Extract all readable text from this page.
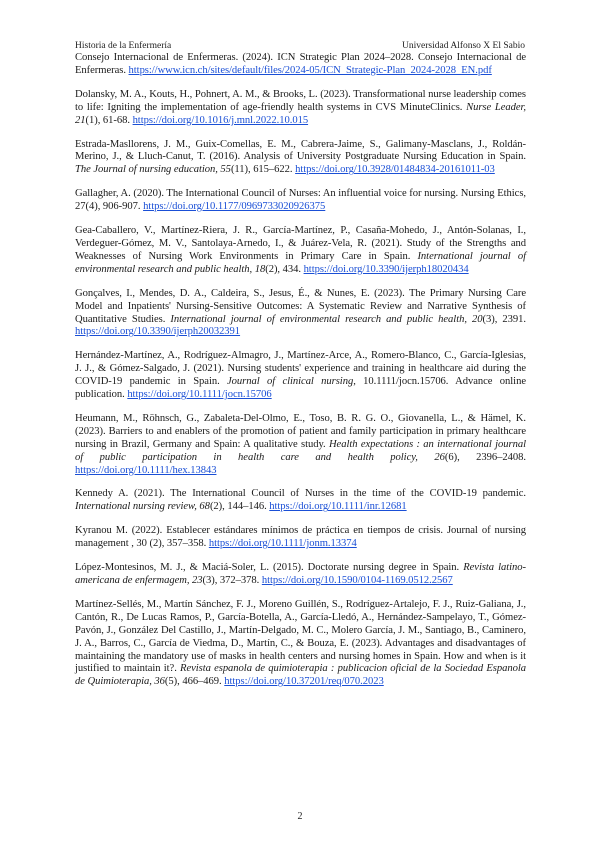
Historia de la Enfermería	Universidad Alfonso X El Sabio

Consejo Internacional de Enfermeras. (2024). ICN Strategic Plan 2024–2028. Consejo Internacional de Enfermeras. https://www.icn.ch/sites/default/files/2024-05/ICN_Strategic-Plan_2024-2028_EN.pdf

Dolansky, M. A., Kouts, H., Pohnert, A. M., & Brooks, L. (2023). Transformational nurse leadership comes to life: Igniting the implementation of age-friendly health systems in CVS MinuteClinics. Nurse Leader, 21(1), 61-68. https://doi.org/10.1016/j.mnl.2022.10.015

Estrada-Masllorens, J. M., Guix-Comellas, E. M., Cabrera-Jaime, S., Galimany-Masclans, J., Roldán-Merino, J., & Lluch-Canut, T. (2016). Analysis of University Postgraduate Nursing Education in Spain. The Journal of nursing education, 55(11), 615–622. https://doi.org/10.3928/01484834-20161011-03

Gallagher, A. (2020). The International Council of Nurses: An influential voice for nursing. Nursing Ethics, 27(4), 906-907. https://doi.org/10.1177/0969733020926375

Gea-Caballero, V., Martínez-Riera, J. R., García-Martínez, P., Casaña-Mohedo, J., Antón-Solanas, I., Verdeguer-Gómez, M. V., Santolaya-Arnedo, I., & Juárez-Vela, R. (2021). Study of the Strengths and Weaknesses of Nursing Work Environments in Primary Care in Spain. International journal of environmental research and public health, 18(2), 434. https://doi.org/10.3390/ijerph18020434

Gonçalves, I., Mendes, D. A., Caldeira, S., Jesus, É., & Nunes, E. (2023). The Primary Nursing Care Model and Inpatients' Nursing-Sensitive Outcomes: A Systematic Review and Narrative Synthesis of Quantitative Studies. International journal of environmental research and public health, 20(3), 2391. https://doi.org/10.3390/ijerph20032391

Hernández-Martínez, A., Rodríguez-Almagro, J., Martínez-Arce, A., Romero-Blanco, C., García-Iglesias, J. J., & Gómez-Salgado, J. (2021). Nursing students' experience and training in healthcare aid during the COVID-19 pandemic in Spain. Journal of clinical nursing, 10.1111/jocn.15706. Advance online publication. https://doi.org/10.1111/jocn.15706

Heumann, M., Röhnsch, G., Zabaleta-Del-Olmo, E., Toso, B. R. G. O., Giovanella, L., & Hämel, K. (2023). Barriers to and enablers of the promotion of patient and family participation in primary healthcare nursing in Brazil, Germany and Spain: A qualitative study. Health expectations : an international journal of public participation in health care and health policy, 26(6), 2396–2408. https://doi.org/10.1111/hex.13843

Kennedy A. (2021). The International Council of Nurses in the time of the COVID-19 pandemic. International nursing review, 68(2), 144–146. https://doi.org/10.1111/inr.12681

Kyranou M. (2022). Establecer estándares mínimos de práctica en tiempos de crisis. Journal of nursing management , 30 (2), 357–358. https://doi.org/10.1111/jonm.13374

López-Montesinos, M. J., & Maciá-Soler, L. (2015). Doctorate nursing degree in Spain. Revista latino-americana de enfermagem, 23(3), 372–378. https://doi.org/10.1590/0104-1169.0512.2567

Martínez-Sellés, M., Martín Sánchez, F. J., Moreno Guillén, S., Rodríguez-Artalejo, F. J., Ruiz-Galiana, J., Cantón, R., De Lucas Ramos, P., García-Botella, A., García-Lledó, A., Hernández-Sampelayo, T., Gómez-Pavón, J., González Del Castillo, J., Martín-Delgado, M. C., Molero García, J. M., Santiago, B., Caminero, J. A., Barros, C., García de Viedma, D., Martín, C., & Bouza, E. (2023). Advantages and disadvantages of maintaining the mandatory use of masks in health centers and nursing homes in Spain. How and when is it justified to maintain it?. Revista espanola de quimioterapia : publicacion oficial de la Sociedad Espanola de Quimioterapia, 36(5), 466–469. https://doi.org/10.37201/req/070.2023

2
